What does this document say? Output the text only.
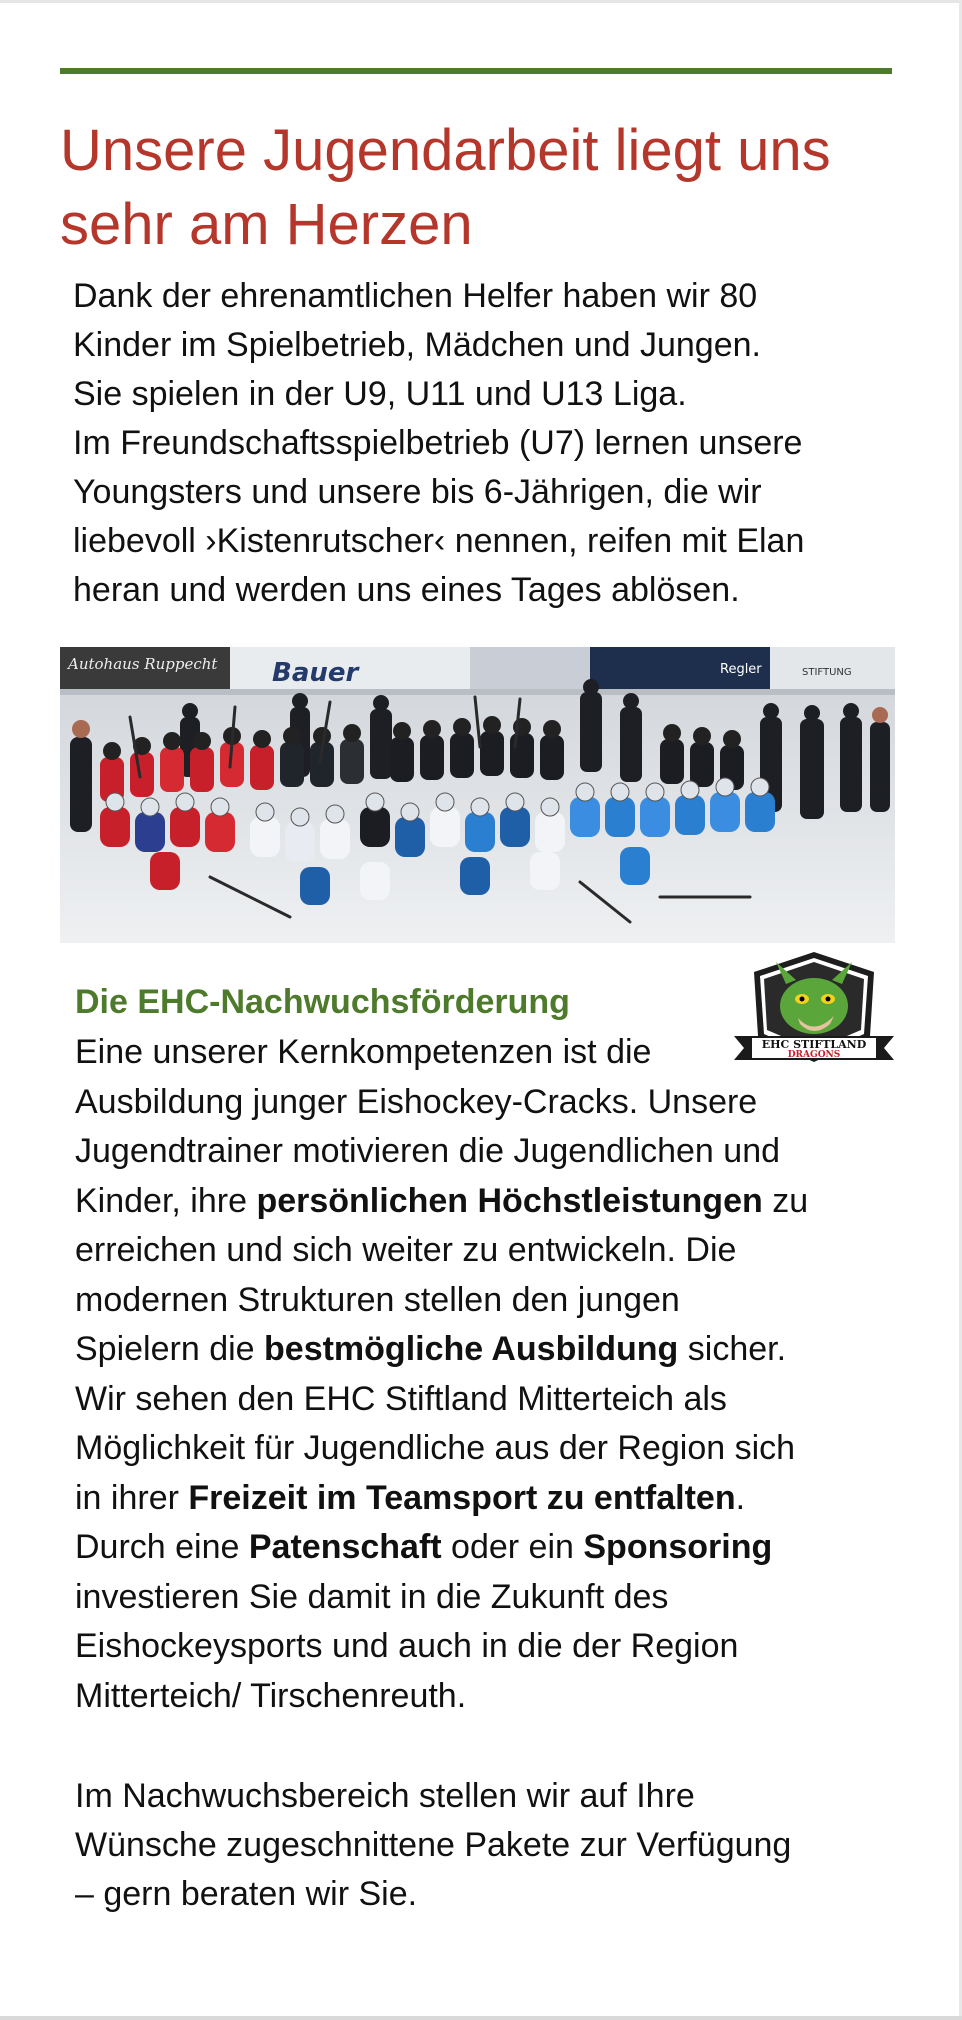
Unsere Jugendarbeit liegt uns
sehr am Herzen
Dank der ehrenamtlichen Helfer haben wir 80
Kinder im Spielbetrieb, Mädchen und Jungen.
Sie spielen in der U9, U11 und U13 Liga.
Im Freundschaftsspielbetrieb (U7) lernen unsere
Youngsters und unsere bis 6-Jährigen, die wir
liebevoll ›Kistenrutscher‹ nennen, reifen mit Elan
heran und werden uns eines Tages ablösen.
Autohaus Ruppecht Bauer	Regler	STIFTUNG
EHC STIFTLAND
DRAGONS
Die EHC-Nachwuchsförderung
Eine unserer Kernkompetenzen ist die
Ausbildung junger Eishockey-Cracks. Unsere
Jugendtrainer motivieren die Jugendlichen und
Kinder, ihre persönlichen Höchstleistungen zu
erreichen und sich weiter zu entwickeln. Die
modernen Strukturen stellen den jungen
Spielern die bestmögliche Ausbildung sicher.
Wir sehen den EHC Stiftland Mitterteich als
Möglichkeit für Jugendliche aus der Region sich
in ihrer Freizeit im Teamsport zu entfalten.
Durch eine Patenschaft oder ein Sponsoring
investieren Sie damit in die Zukunft des
Eishockeysports und auch in die der Region
Mitterteich/ Tirschenreuth.
Im Nachwuchsbereich stellen wir auf Ihre
Wünsche zugeschnittene Pakete zur Verfügung
– gern beraten wir Sie.
